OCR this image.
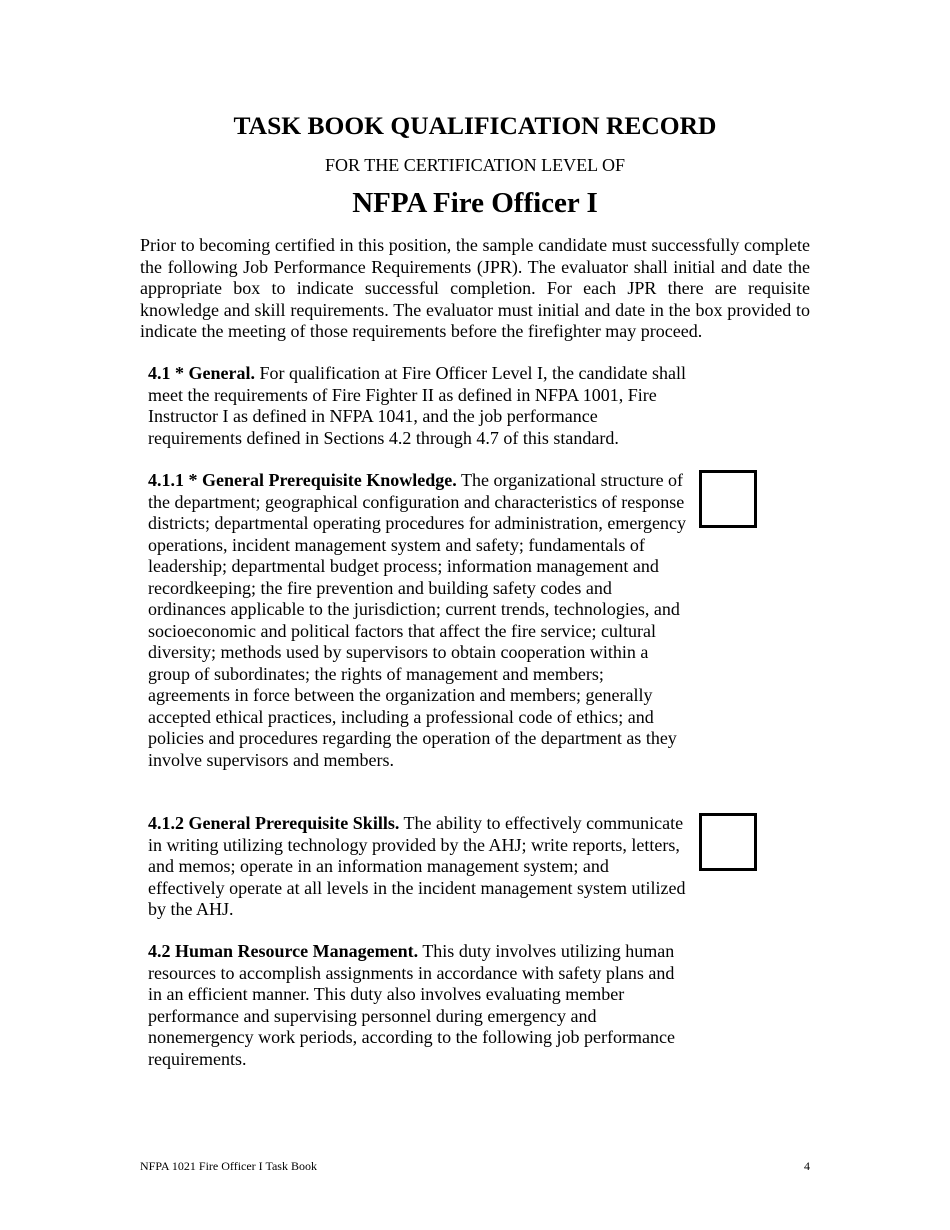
TASK BOOK QUALIFICATION RECORD
FOR THE CERTIFICATION LEVEL OF
NFPA Fire Officer I

Prior to becoming certified in this position, the sample candidate must successfully complete the following Job Performance Requirements (JPR). The evaluator shall initial and date the appropriate box to indicate successful completion. For each JPR there are requisite knowledge and skill requirements. The evaluator must initial and date in the box provided to indicate the meeting of those requirements before the firefighter may proceed.

4.1 * General. For qualification at Fire Officer Level I, the candidate shall meet the requirements of Fire Fighter II as defined in NFPA 1001, Fire Instructor I as defined in NFPA 1041, and the job performance requirements defined in Sections 4.2 through 4.7 of this standard.

4.1.1 * General Prerequisite Knowledge. The organizational structure of the department; geographical configuration and characteristics of response districts; departmental operating procedures for administration, emergency operations, incident management system and safety; fundamentals of leadership; departmental budget process; information management and recordkeeping; the fire prevention and building safety codes and ordinances applicable to the jurisdiction; current trends, technologies, and socioeconomic and political factors that affect the fire service; cultural diversity; methods used by supervisors to obtain cooperation within a group of subordinates; the rights of management and members; agreements in force between the organization and members; generally accepted ethical practices, including a professional code of ethics; and policies and procedures regarding the operation of the department as they involve supervisors and members.

4.1.2 General Prerequisite Skills. The ability to effectively communicate in writing utilizing technology provided by the AHJ; write reports, letters, and memos; operate in an information management system; and effectively operate at all levels in the incident management system utilized by the AHJ.

4.2 Human Resource Management. This duty involves utilizing human resources to accomplish assignments in accordance with safety plans and in an efficient manner. This duty also involves evaluating member performance and supervising personnel during emergency and nonemergency work periods, according to the following job performance requirements.

NFPA 1021 Fire Officer I Task Book	4
